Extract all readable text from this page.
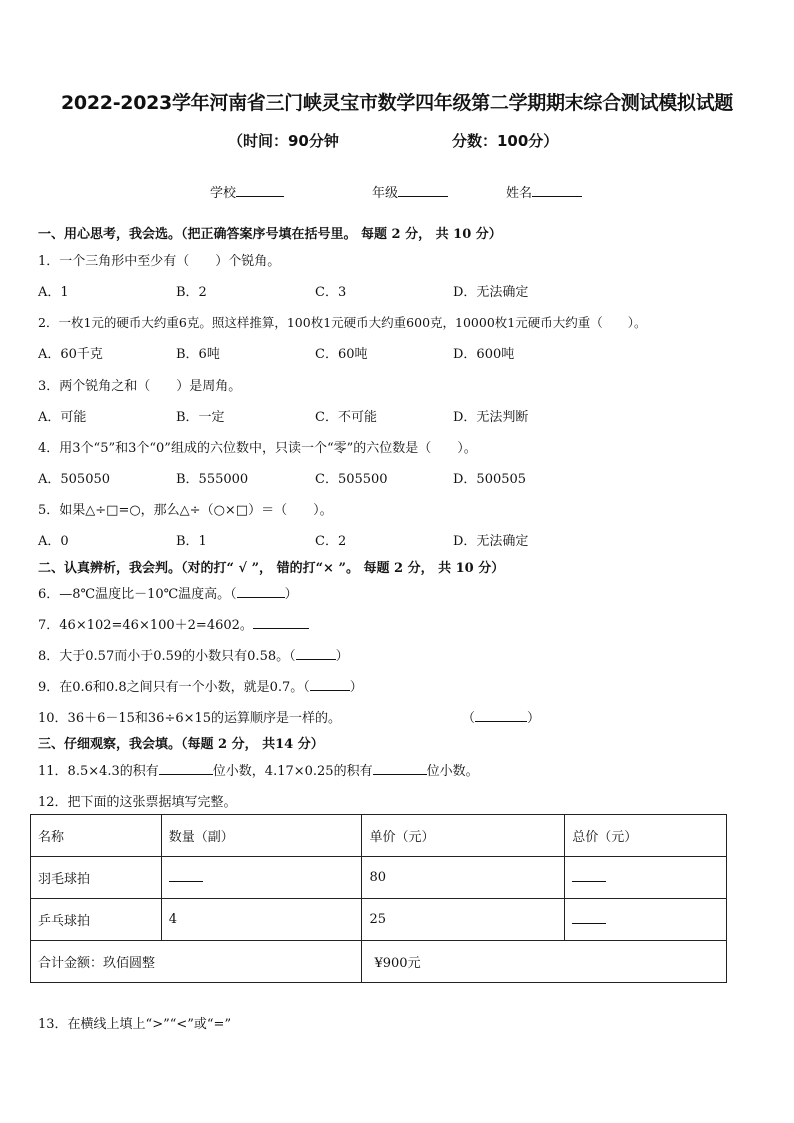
2022-2023学年河南省三门峡灵宝市数学四年级第二学期期末综合测试模拟试题
（时间：90分钟	分数：100分）
学校	年级	姓名
一、用心思考，我会选。（把正确答案序号填在括号里。 每题 2 分， 共 10 分）
1．一个三角形中至少有（　　）个锐角。
A．1	B．2	C．3	D．无法确定
2．一枚1元的硬币大约重6克。照这样推算，100枚1元硬币大约重600克，10000枚1元硬币大约重（　　）。
A．60千克	B．6吨	C．60吨	D．600吨
3．两个锐角之和（　　）是周角。
A．可能	B．一定	C．不可能	D．无法判断
4．用3个“5”和3个“0”组成的六位数中，只读一个“零”的六位数是（　　）。
A．505050	B．555000	C．505500	D．500505
5．如果△÷□=○，那么△÷（○×□）＝（　　）。
A．0	B．1	C．2	D．无法确定
二、认真辨析，我会判。（对的打“ √ ”， 错的打“× ”。 每题 2 分， 共 10 分）
6．—8℃温度比－10℃温度高。（	）
7．46×102=46×100＋2=4602。
8．大于0.57而小于0.59的小数只有0.58。（	）
9．在0.6和0.8之间只有一个小数，就是0.7。（	）
10．36＋6－15和36÷6×15的运算顺序是一样的。	（	）
三、仔细观察，我会填。（每题 2 分， 共14 分）
11．8.5×4.3的积有	位小数，4.17×0.25的积有	位小数。
12．把下面的这张票据填写完整。
名称	数量（副）	单价（元）	总价（元）
羽毛球拍		80	
乒乓球拍	4	25	
合计金额：玖佰圆整		¥900元	
13．在横线上填上“>”“<”或“=”
